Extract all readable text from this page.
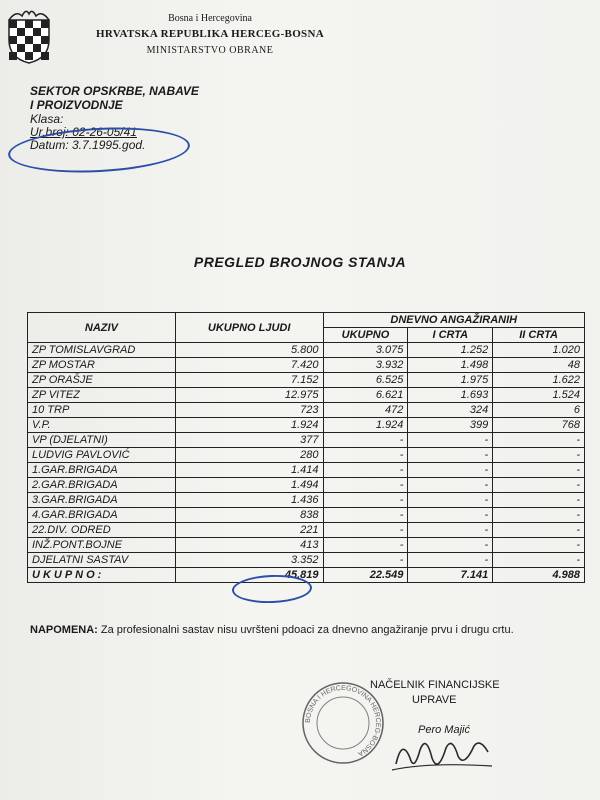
Bosna i Hercegovina
HRVATSKA REPUBLIKA HERCEG-BOSNA
MINISTARSTVO OBRANE
SEKTOR OPSKRBE, NABAVE
I PROIZVODNJE
Klasa:
Ur.broj: 02-26-05/41
Datum: 3.7.1995.god.
PREGLED BROJNOG STANJA
NAZIV	UKUPNO LJUDI	DNEVNO ANGAŽIRANIH		
		UKUPNO	I CRTA	II CRTA
ZP TOMISLAVGRAD	5.800	3.075	1.252	1.020
ZP MOSTAR	7.420	3.932	1.498	48
ZP ORAŠJE	7.152	6.525	1.975	1.622
ZP VITEZ	12.975	6.621	1.693	1.524
10 TRP	723	472	324	6
V.P.	1.924	1.924	399	768
VP (DJELATNI)	377	-	-	-
LUDVIG PAVLOVIĆ	280	-	-	-
1.GAR.BRIGADA	1.414	-	-	-
2.GAR.BRIGADA	1.494	-	-	-
3.GAR.BRIGADA	1.436	-	-	-
4.GAR.BRIGADA	838	-	-	-
22.DIV. ODRED	221	-	-	-
INŽ.PONT.BOJNE	413	-	-	-
DJELATNI SASTAV	3.352	-	-	-
UKUPNO:	45.819	22.549	7.141	4.988
NAPOMENA: Za profesionalni sastav nisu uvršteni pdoaci za dnevno angažiranje prvu i drugu crtu.
BOSNA I HERCEGOVINA HERCEG-BOSNA
NAČELNIK FINANCIJSKE
UPRAVE
Pero Majić
